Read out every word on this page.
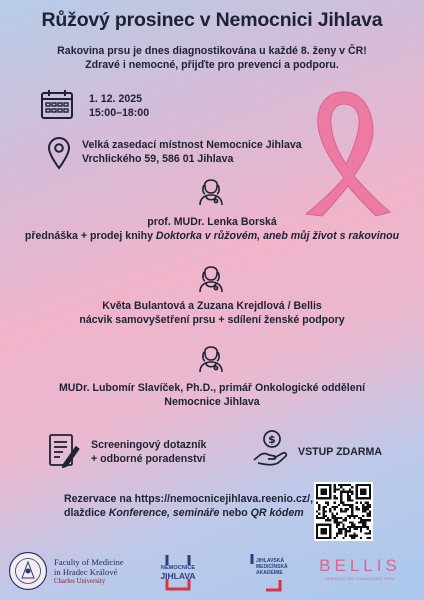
Růžový prosinec v Nemocnici Jihlava
Rakovina prsu je dnes diagnostikována u každé 8. ženy v ČR!
Zdravé i nemocné, přijďte pro prevenci a podporu.
1. 12. 2025
15:00–18:00
Velká zasedací místnost Nemocnice Jihlava
Vrchlického 59, 586 01 Jihlava
prof. MUDr. Lenka Borská
přednáška + prodej knihy Doktorka v růžovém, aneb můj život s rakovinou
Květa Bulantová a Zuzana Krejdlová / Bellis
nácvik samovyšetření prsu + sdílení ženské podpory
MUDr. Lubomír Slavíček, Ph.D., primář Onkologické oddělení
Nemocnice Jihlava
Screeningový dotazník
+ odborné poradenství
$
VSTUP ZDARMA
Rezervace na https://nemocnicejihlava.reenio.cz/,
dlaždice Konference, semináře nebo QR kódem
Faculty of Medicine
in Hradec Králové
Charles University
NEMOCNICE
JIHLAVA
JIHLAVSKÁ
MEDICÍNSKÁ
AKADEMIE	BELLIS
SDRUŽENÍ ŽEN S RAKOVINOU PRSU
